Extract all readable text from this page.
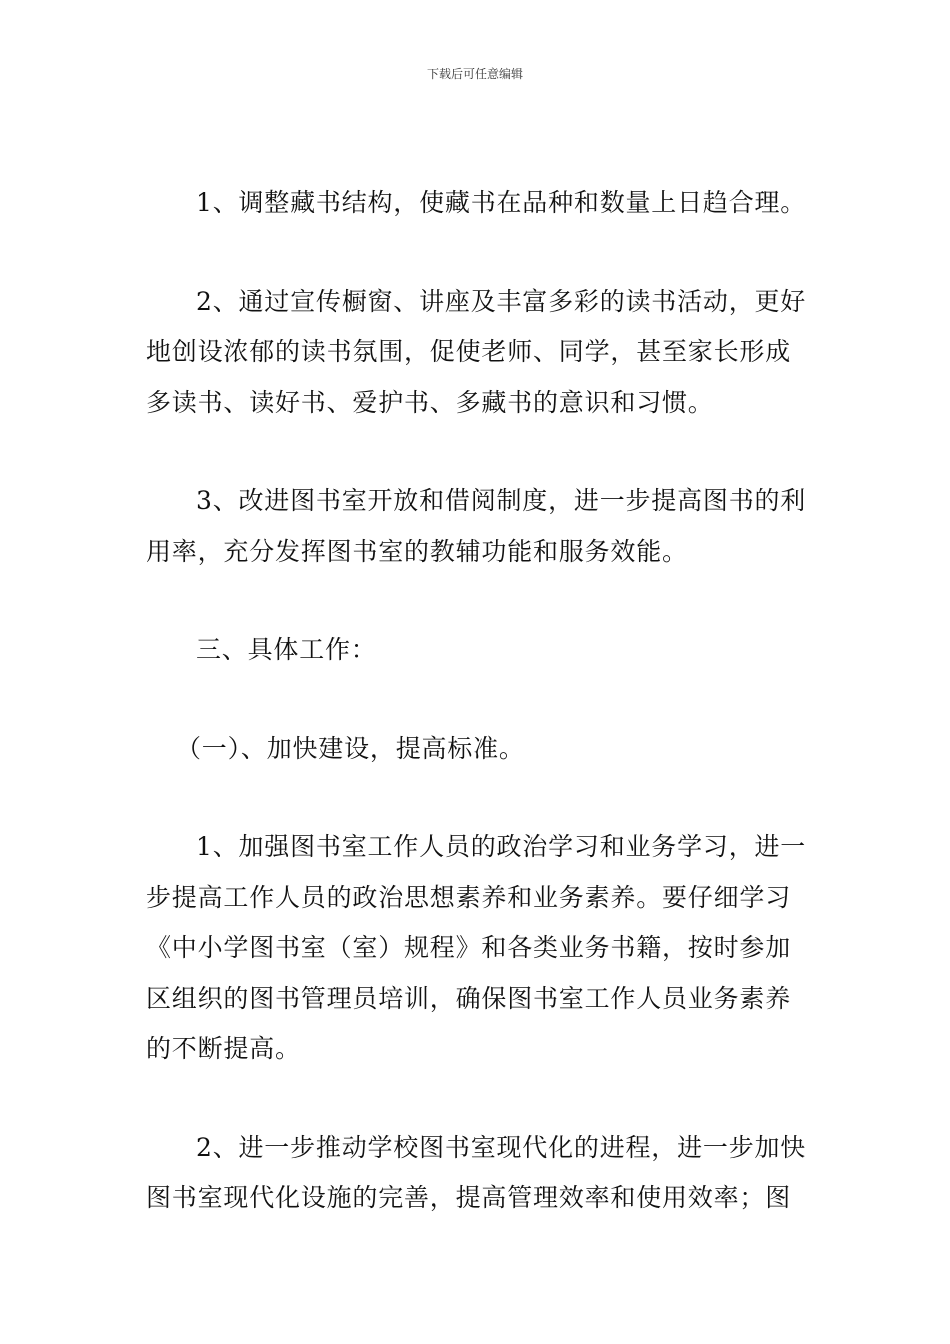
下载后可任意编辑

1、调整藏书结构，使藏书在品种和数量上日趋合理。

2、通过宣传橱窗、讲座及丰富多彩的读书活动，更好
地创设浓郁的读书氛围，促使老师、同学，甚至家长形成
多读书、读好书、爱护书、多藏书的意识和习惯。

3、改进图书室开放和借阅制度，进一步提高图书的利
用率，充分发挥图书室的教辅功能和服务效能。

三、具体工作：

（一）、加快建设，提高标准。

1、加强图书室工作人员的政治学习和业务学习，进一
步提高工作人员的政治思想素养和业务素养。要仔细学习
《中小学图书室（室）规程》和各类业务书籍，按时参加
区组织的图书管理员培训，确保图书室工作人员业务素养
的不断提高。

2、进一步推动学校图书室现代化的进程，进一步加快
图书室现代化设施的完善，提高管理效率和使用效率；图
